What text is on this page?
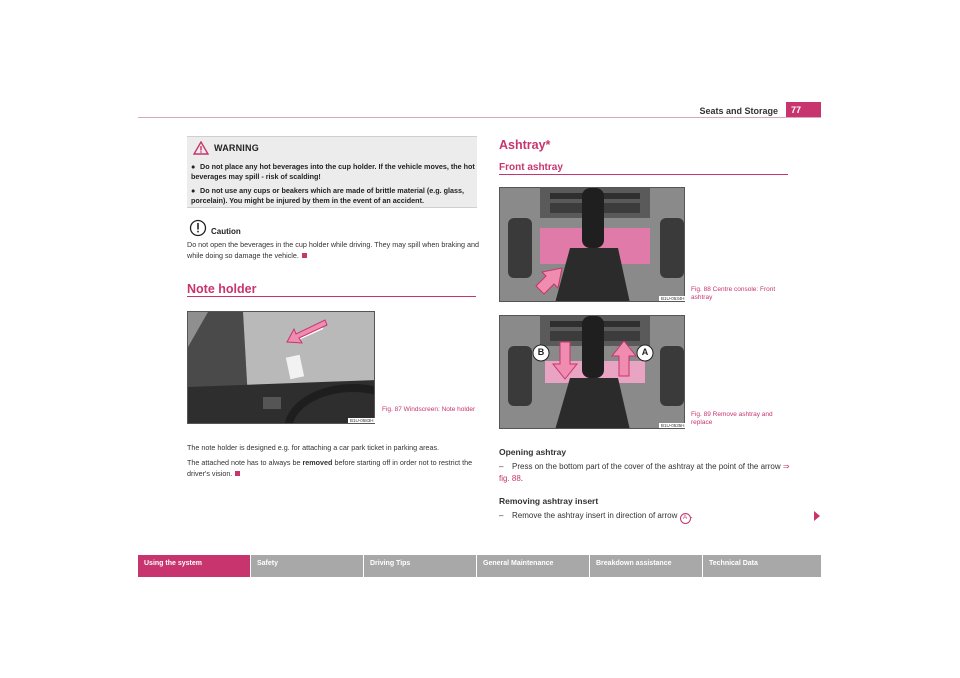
Seats and Storage	77
WARNING
● Do not place any hot beverages into the cup holder. If the vehicle moves, the hot beverages may spill - risk of scalding!
● Do not use any cups or beakers which are made of brittle material (e.g. glass, porcelain). You might be injured by them in the event of an accident.
Caution
Do not open the beverages in the cup holder while driving. They may spill when braking and while doing so damage the vehicle.
Note holder
B1U-0583H
Fig. 87 Windscreen: Note holder
The note holder is designed e.g. for attaching a car park ticket in parking areas.
The attached note has to always be removed before starting off in order not to restrict the driver's vision.
Ashtray*
Front ashtray
B1U-0534H
Fig. 88 Centre console: Front ashtray
B	A
B1U-0535H
Fig. 89 Remove ashtray and replace
Opening ashtray
– Press on the bottom part of the cover of the ashtray at the point of the arrow ⇒ fig. 88.
Removing ashtray insert
– Remove the ashtray insert in direction of arrow A .
Using the system	Safety	Driving Tips	General Maintenance	Breakdown assistance	Technical Data
